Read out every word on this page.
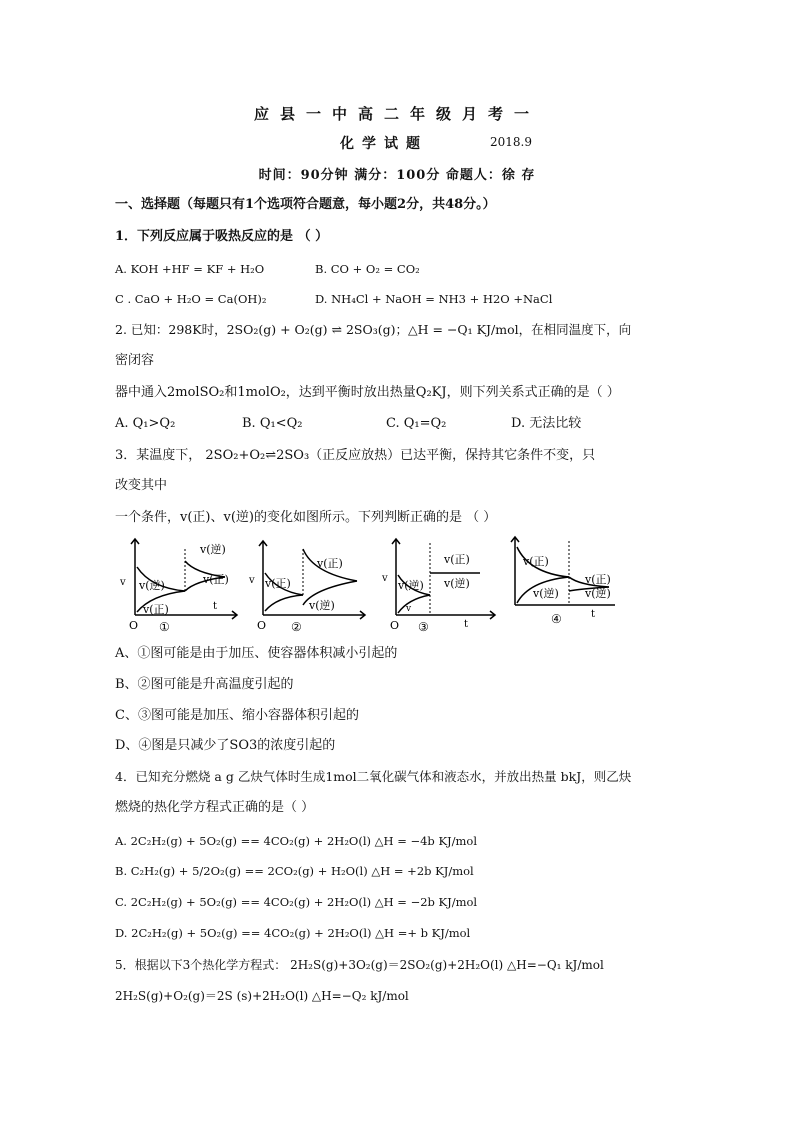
应县一中高二年级月考一
化学试题	2018.9
时间：90分钟 满分：100分 命题人：徐 存
一、选择题（每题只有1个选项符合题意，每小题2分，共48分。）
1．下列反应属于吸热反应的是 （ ）
A. KOH +HF = KF + H₂O	B. CO + O₂ = CO₂
C . CaO + H₂O = Ca(OH)₂	D. NH₄Cl + NaOH = NH3 + H2O +NaCl
2. 已知：298K时，2SO₂(g) + O₂(g) ⇌ 2SO₃(g)；△H = −Q₁ KJ/mol，在相同温度下，向
密闭容
器中通入2molSO₂和1molO₂，达到平衡时放出热量Q₂KJ，则下列关系式正确的是（ ）
A. Q₁>Q₂	B. Q₁<Q₂	C. Q₁=Q₂	D. 无法比较
3．某温度下， 2SO₂+O₂⇌2SO₃（正反应放热）已达平衡，保持其它条件不变，只
改变其中
一个条件，v(正)、v(逆)的变化如图所示。下列判断正确的是 （ ）
v(逆)
v(正)
v(逆)
v(正)
v
t
O ①
v(正)
v(正)
v(逆)
v
O ②
v(正)
v(逆)
v(逆)
v
v
t
O ③
v(正)
v(逆)
v(正)
v(逆)
t
④
A、①图可能是由于加压、使容器体积减小引起的
B、②图可能是升高温度引起的
C、③图可能是加压、缩小容器体积引起的
D、④图是只减少了SO3的浓度引起的
4．已知充分燃烧 a g 乙炔气体时生成1mol二氧化碳气体和液态水，并放出热量 bkJ，则乙炔
燃烧的热化学方程式正确的是（ ）
A. 2C₂H₂(g) + 5O₂(g) == 4CO₂(g) + 2H₂O(l) △H = −4b KJ/mol
B. C₂H₂(g) + 5/2O₂(g) == 2CO₂(g) + H₂O(l) △H = +2b KJ/mol
C. 2C₂H₂(g) + 5O₂(g) == 4CO₂(g) + 2H₂O(l) △H = −2b KJ/mol
D. 2C₂H₂(g) + 5O₂(g) == 4CO₂(g) + 2H₂O(l) △H =+ b KJ/mol
5．根据以下3个热化学方程式： 2H₂S(g)+3O₂(g)＝2SO₂(g)+2H₂O(l) △H=−Q₁ kJ/mol
2H₂S(g)+O₂(g)＝2S (s)+2H₂O(l) △H=−Q₂ kJ/mol
